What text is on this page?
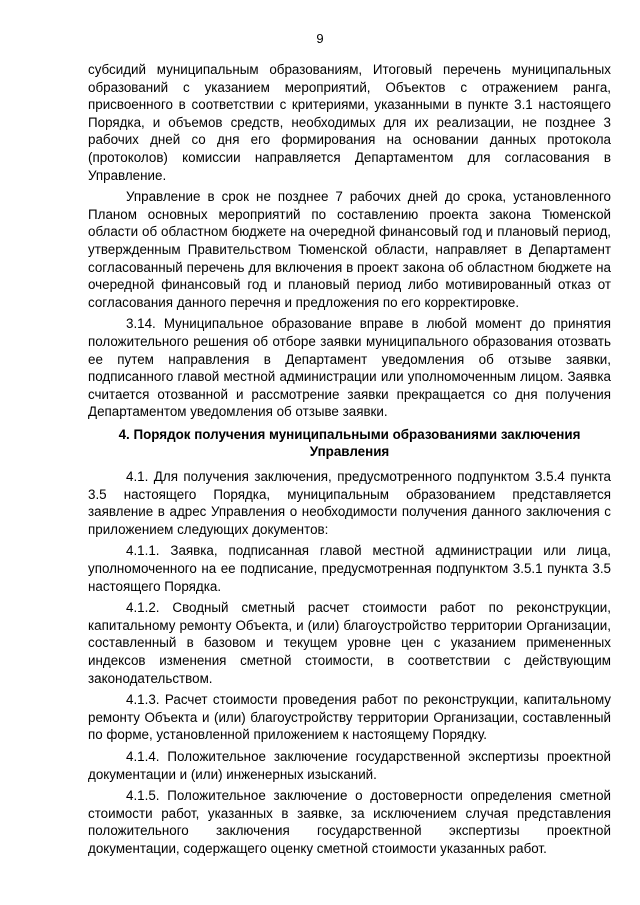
9

субсидий муниципальным образованиям, Итоговый перечень муниципальных образований с указанием мероприятий, Объектов с отражением ранга, присвоенного в соответствии с критериями, указанными в пункте 3.1 настоящего Порядка, и объемов средств, необходимых для их реализации, не позднее 3 рабочих дней со дня его формирования на основании данных протокола (протоколов) комиссии направляется Департаментом для согласования в Управление.

Управление в срок не позднее 7 рабочих дней до срока, установленного Планом основных мероприятий по составлению проекта закона Тюменской области об областном бюджете на очередной финансовый год и плановый период, утвержденным Правительством Тюменской области, направляет в Департамент согласованный перечень для включения в проект закона об областном бюджете на очередной финансовый год и плановый период либо мотивированный отказ от согласования данного перечня и предложения по его корректировке.

3.14. Муниципальное образование вправе в любой момент до принятия положительного решения об отборе заявки муниципального образования отозвать ее путем направления в Департамент уведомления об отзыве заявки, подписанного главой местной администрации или уполномоченным лицом. Заявка считается отозванной и рассмотрение заявки прекращается со дня получения Департаментом уведомления об отзыве заявки.

4. Порядок получения муниципальными образованиями заключения Управления

4.1. Для получения заключения, предусмотренного подпунктом 3.5.4 пункта 3.5 настоящего Порядка, муниципальным образованием представляется заявление в адрес Управления о необходимости получения данного заключения с приложением следующих документов:

4.1.1. Заявка, подписанная главой местной администрации или лица, уполномоченного на ее подписание, предусмотренная подпунктом 3.5.1 пункта 3.5 настоящего Порядка.

4.1.2. Сводный сметный расчет стоимости работ по реконструкции, капитальному ремонту Объекта, и (или) благоустройство территории Организации, составленный в базовом и текущем уровне цен с указанием примененных индексов изменения сметной стоимости, в соответствии с действующим законодательством.

4.1.3. Расчет стоимости проведения работ по реконструкции, капитальному ремонту Объекта и (или) благоустройству территории Организации, составленный по форме, установленной приложением к настоящему Порядку.

4.1.4. Положительное заключение государственной экспертизы проектной документации и (или) инженерных изысканий.

4.1.5. Положительное заключение о достоверности определения сметной стоимости работ, указанных в заявке, за исключением случая представления положительного заключения государственной экспертизы проектной документации, содержащего оценку сметной стоимости указанных работ.
